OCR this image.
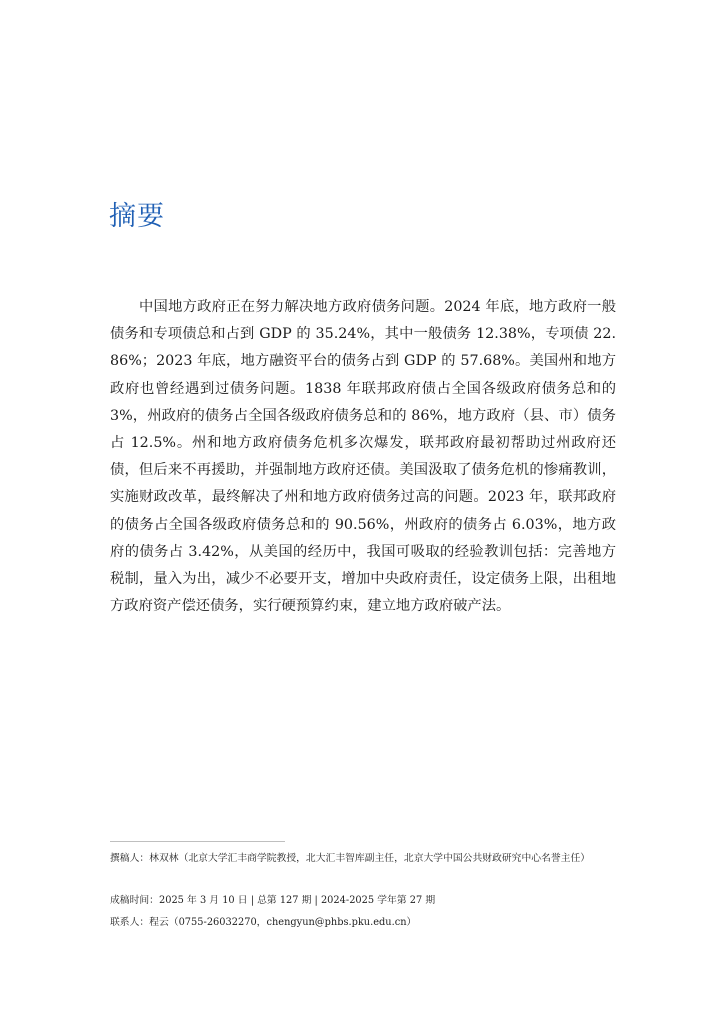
摘要

中国地方政府正在努力解决地方政府债务问题。2024 年底，地方政府一般债务和专项债总和占到 GDP 的 35.24%，其中一般债务 12.38%，专项债 22.86%；2023 年底，地方融资平台的债务占到 GDP 的 57.68%。美国州和地方政府也曾经遇到过债务问题。1838 年联邦政府债占全国各级政府债务总和的 3%，州政府的债务占全国各级政府债务总和的 86%，地方政府（县、市）债务占 12.5%。州和地方政府债务危机多次爆发，联邦政府最初帮助过州政府还债，但后来不再援助，并强制地方政府还债。美国汲取了债务危机的惨痛教训，实施财政改革，最终解决了州和地方政府债务过高的问题。2023 年，联邦政府的债务占全国各级政府债务总和的 90.56%，州政府的债务占 6.03%，地方政府的债务占 3.42%，从美国的经历中，我国可吸取的经验教训包括：完善地方税制，量入为出，减少不必要开支，增加中央政府责任，设定债务上限，出租地方政府资产偿还债务，实行硬预算约束，建立地方政府破产法。

撰稿人：林双林（北京大学汇丰商学院教授，北大汇丰智库副主任，北京大学中国公共财政研究中心名誉主任）

成稿时间：2025 年 3 月 10 日 | 总第 127 期 | 2024-2025 学年第 27 期

联系人：程云（0755-26032270，chengyun@phbs.pku.edu.cn）
